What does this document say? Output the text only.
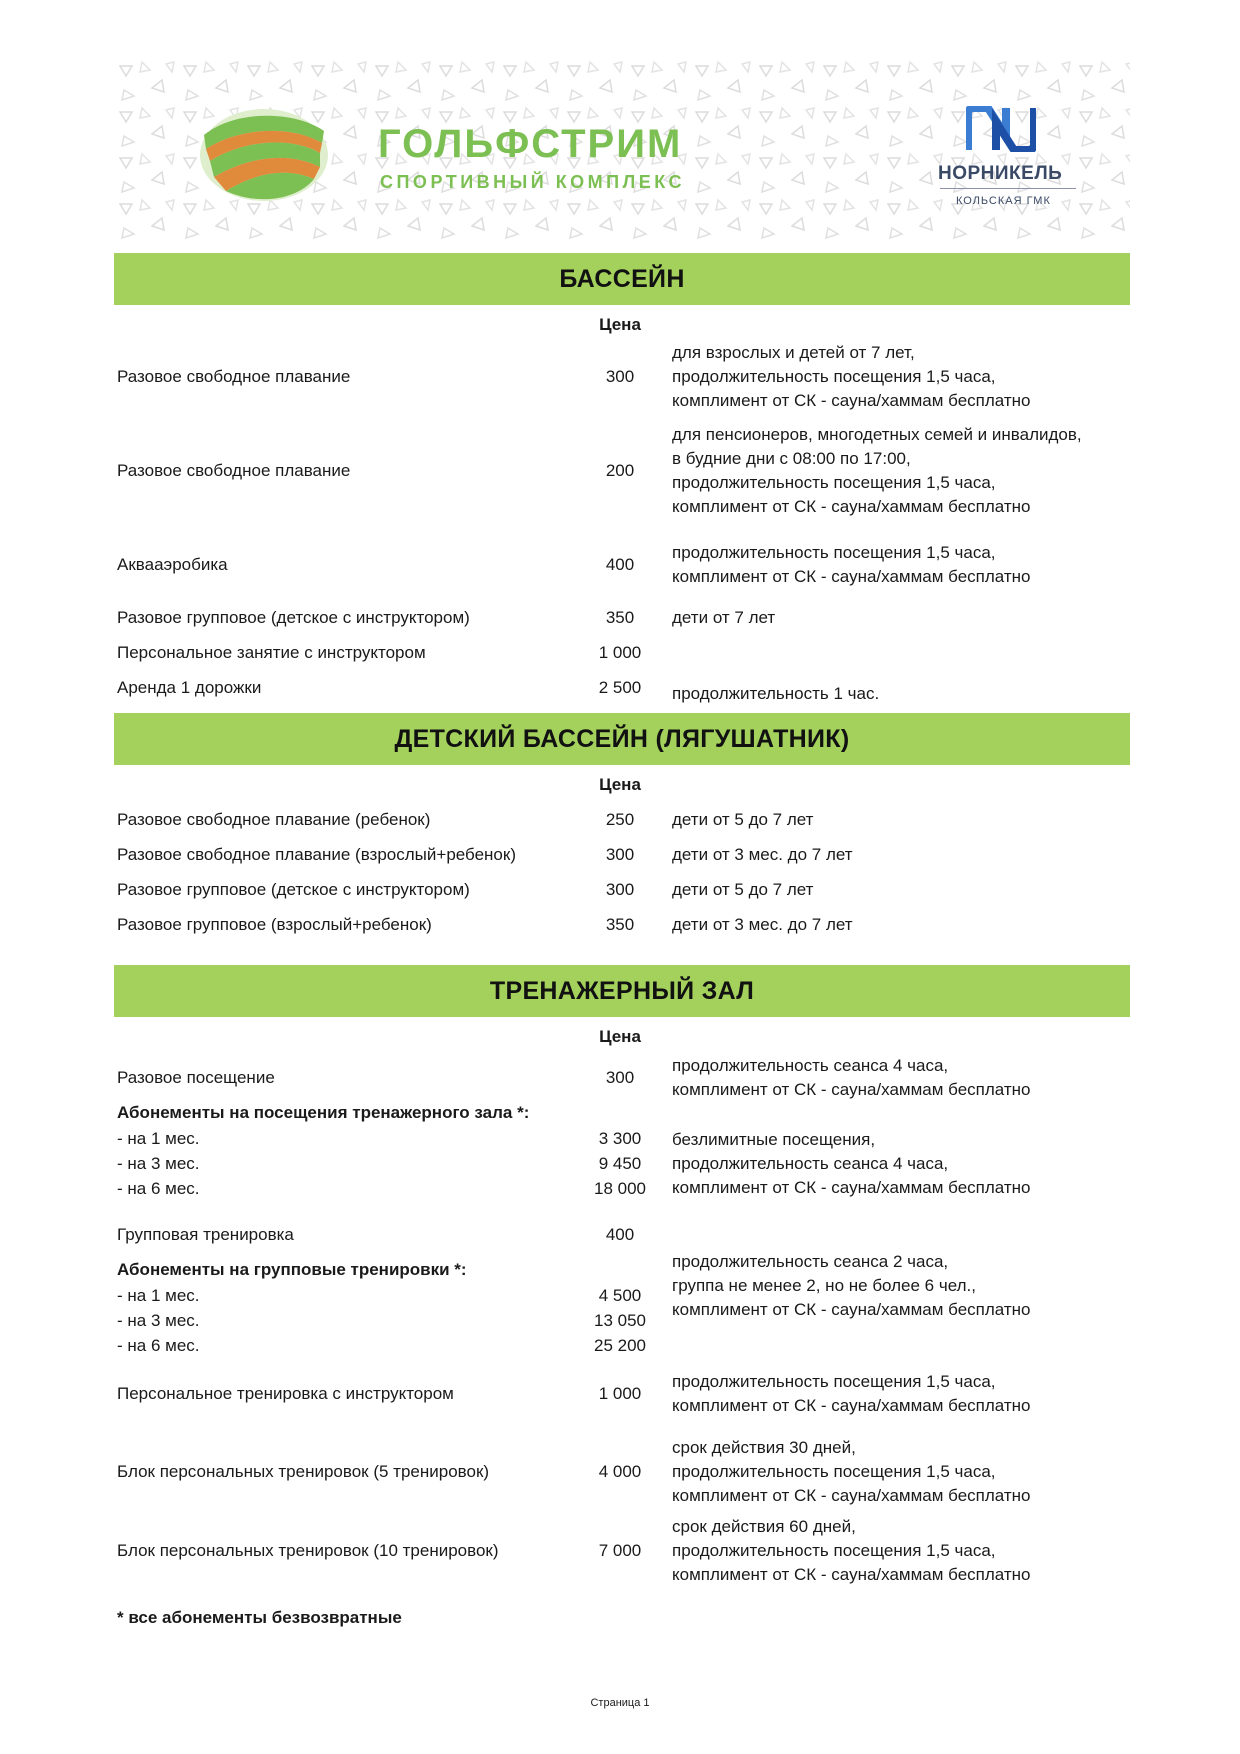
ГОЛЬФСТРИМ
СПОРТИВНЫЙ КОМПЛЕКС	НОРНИКЕЛЬ
КОЛЬСКАЯ ГМК
БАССЕЙН
Цена
Разовое свободное плавание	300
для взрослых и детей от 7 лет,
продолжительность посещения 1,5 часа,
комплимент от СК - сауна/хаммам бесплатно
Разовое свободное плавание	200
для пенсионеров, многодетных семей и инвалидов,
в будние дни с 08:00 по 17:00,
продолжительность посещения 1,5 часа,
комплимент от СК - сауна/хаммам бесплатно
Аквааэробика	400
продолжительность посещения 1,5 часа,
комплимент от СК - сауна/хаммам бесплатно
Разовое групповое (детское с инструктором)	350	дети от 7 лет
Персональное занятие с инструктором	1 000
Аренда 1 дорожки	2 500	продолжительность 1 час.
ДЕТСКИЙ БАССЕЙН (ЛЯГУШАТНИК)
Цена
Разовое свободное плавание (ребенок)	250	дети от 5 до 7 лет
Разовое свободное плавание (взрослый+ребенок)	300	дети от 3 мес. до 7 лет
Разовое групповое (детское с инструктором)	300	дети от 5 до 7 лет
Разовое групповое (взрослый+ребенок)	350	дети от 3 мес. до 7 лет
ТРЕНАЖЕРНЫЙ ЗАЛ
Цена
Разовое посещение	300
продолжительность сеанса 4 часа,
комплимент от СК - сауна/хаммам бесплатно
Абонементы на посещения тренажерного зала *:
- на 1 мес.	3 300
- на 3 мес.	9 450
- на 6 мес.	18 000
безлимитные посещения,
продолжительность сеанса 4 часа,
комплимент от СК - сауна/хаммам бесплатно
Групповая тренировка	400
Абонементы на групповые тренировки *:
- на 1 мес.	4 500
- на 3 мес.	13 050
- на 6 мес.	25 200
продолжительность сеанса 2 часа,
группа не менее 2, но не более 6 чел.,
комплимент от СК - сауна/хаммам бесплатно
Персональное тренировка с инструктором	1 000
продолжительность посещения 1,5 часа,
комплимент от СК - сауна/хаммам бесплатно
Блок персональных тренировок (5 тренировок)	4 000
срок действия 30 дней,
продолжительность посещения 1,5 часа,
комплимент от СК - сауна/хаммам бесплатно
Блок персональных тренировок (10 тренировок)	7 000
срок действия 60 дней,
продолжительность посещения 1,5 часа,
комплимент от СК - сауна/хаммам бесплатно
* все абонементы безвозвратные
Страница 1
